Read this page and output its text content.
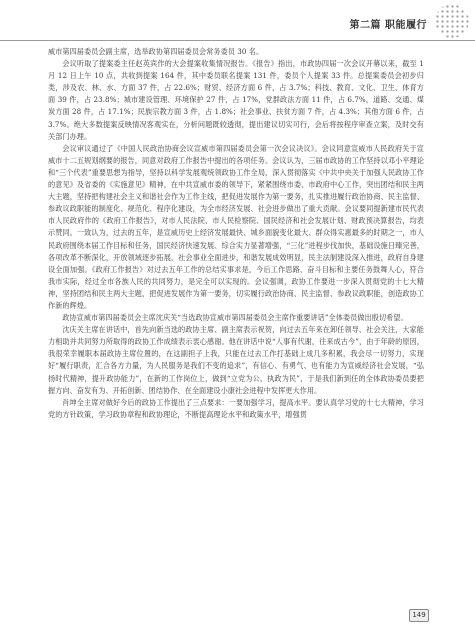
第二篇 职能履行

威市第四届委员会副主席，选举政协第四届委员会常务委员 30 名。

会议听取了提案委主任赵英宾作的大会提案收集情况报告。《报告》指出，市政协四届一次会议开幕以来，截至 1 月 12 日上午 10 点，共收到提案 164 件，其中委员联名提案 131 件，委员个人提案 33 件。总提案委员会初步归类，涉及农、林、水、方面 37 件，占 22.6%；财贸、经济方面 6 件，占 3.7%；科技、教育、文化、卫生、体育方面 39 件，占 23.8%；城市建设管理、环境保护 27 件，占 17%，党群政法方面 11 件，占 6.7%，道路、交通、煤炭方面 28 件，占 17.1%；民族宗教方面 3 件，占 1.8%；社会事业、扶贫方面 7 件，占 4.3%；其他方面 6 件，占 3.7%。绝大多数提案反映情况客观实在，分析问题既较透彻，提出建议切实可行，会后将按程序审查立案，及时交有关部门办理。

会议审议通过了《中国人民政治协商会议宣威市第四届委员会第一次会议决议》。会议同意宣威市人民政府关于宣威市十二五规划纲要的报告，同意对政府工作报告中提出的各项任务。会议认为，三届市政协的工作坚持以邓小平理论和“三个代表”重要思想为指导，坚持以科学发展观统领政协工作全局，深入贯彻落实《中共中央关于加强人民政协工作的意见》及省委的《实施意见》精神，在中共宣威市委的领导下，紧紧围绕市委、市政府中心工作，突出团结和民主两大主题，坚持把构建社会主义和谐社会作为工作主线，把促进发展作为第一要务，扎实推进履行政治协商、民主监督、参政议政职能的制度化、规范化、程序化建设，为全市经济发展、社会进步做出了重大贡献。会议要同提新建市民代表市人民政府作的《政府工作报告》，对市人民法院、市人民检察院、国民经济和社会发展计划、财政预决算报告，均表示赞同。一致认为，过去的五年，是宣威历史上经济发展最快、城乡面貌变化最大、群众得实惠最多的时期之一，市人民政府围绕本届工作目标和任务，国民经济快速发展、综合实力显著增强，“三化”进程步伐加快，基础设施日臻完善，各项改革不断深化，开放领域逐步拓展，社会事业全面进步，和谐发展成效明显，民主法制建设深入推进，政府自身建设全面加强。《政府工作报告》对过去五年工作的总结实事求是，今后工作思路、奋斗目标和主要任务鼓舞人心，符合我市实际，经过全市各族人民的共同努力，是完全可以实现的。会议强调，政协工作要进一步深入贯彻党的十七大精神，坚持团结和民主两大主题，把促进发展作为第一要务，切实履行政治协商、民主监督、参政议政职能，创造政协工作新的辉煌。

政协宣威市第四届委员会主席沈庆关“当选政协宣威市第四届委员会主席作重要讲话”全体委员做出殷切希望。

沈庆关主席在讲话中，首先向新当选的政协主席、副主席表示祝贺，向过去五年来在卸任领导、社会关注，大家能力相助并共同努力所取得的政协工作成绩表示衷心感谢。他在讲话中说“人事有代谢，往来成古今”，由于年龄的原因，我很荣幸履职本届政协主席位置的，在这副担子上我，只能在过去工作打基础上成几多积累，我会尽一切努力，实现好“履行职责，汇合各方力量，为人民服务是我们不变的追求”，有信心、有勇气、也有能力为宣威经济社会发展，“弘扬时代精神，提升政协能力”，在新的工作岗位上，做到“立党为公，执政为民”，于是我们新到任的全体政协委员要把握方向、奋发有为、开拓创新、团结协作、在全面建设小康社会进程中发挥更大作用。

肖坤全主席对做好今后的政协工作提出了三点要求：一要加强学习，提高水平。要认真学习党的十七大精神，学习党的方针政策，学习政协章程和政协理论，不断提高理论水平和政策水平，增强贯

149
